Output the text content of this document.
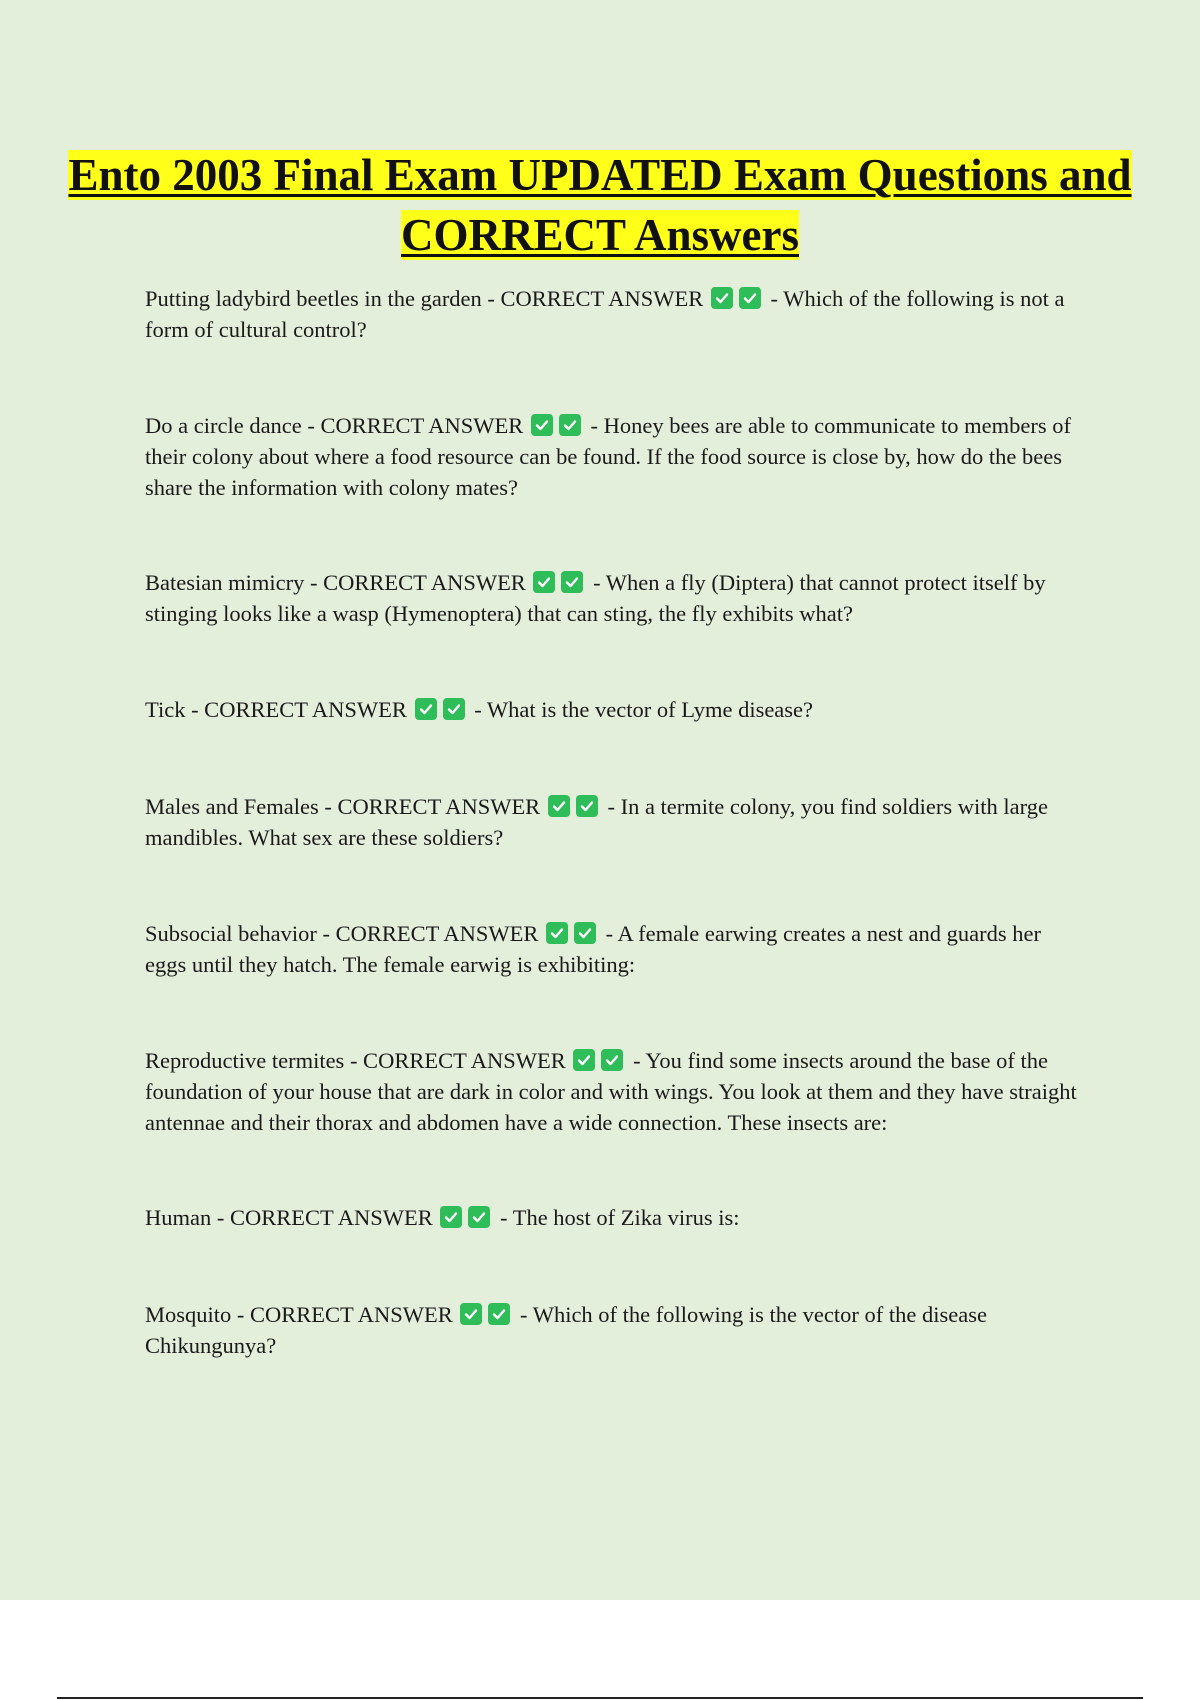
Ento 2003 Final Exam UPDATED Exam Questions and CORRECT Answers

Putting ladybird beetles in the garden - CORRECT ANSWER	- Which of the following is not a form of cultural control?

Do a circle dance - CORRECT ANSWER	- Honey bees are able to communicate to members of their colony about where a food resource can be found. If the food source is close by, how do the bees share the information with colony mates?

Batesian mimicry - CORRECT ANSWER	- When a fly (Diptera) that cannot protect itself by stinging looks like a wasp (Hymenoptera) that can sting, the fly exhibits what?

Tick - CORRECT ANSWER	- What is the vector of Lyme disease?

Males and Females - CORRECT ANSWER	- In a termite colony, you find soldiers with large mandibles. What sex are these soldiers?

Subsocial behavior - CORRECT ANSWER	- A female earwing creates a nest and guards her eggs until they hatch. The female earwig is exhibiting:

Reproductive termites - CORRECT ANSWER	- You find some insects around the base of the foundation of your house that are dark in color and with wings. You look at them and they have straight antennae and their thorax and abdomen have a wide connection. These insects are:

Human - CORRECT ANSWER	- The host of Zika virus is:

Mosquito - CORRECT ANSWER	- Which of the following is the vector of the disease Chikungunya?
